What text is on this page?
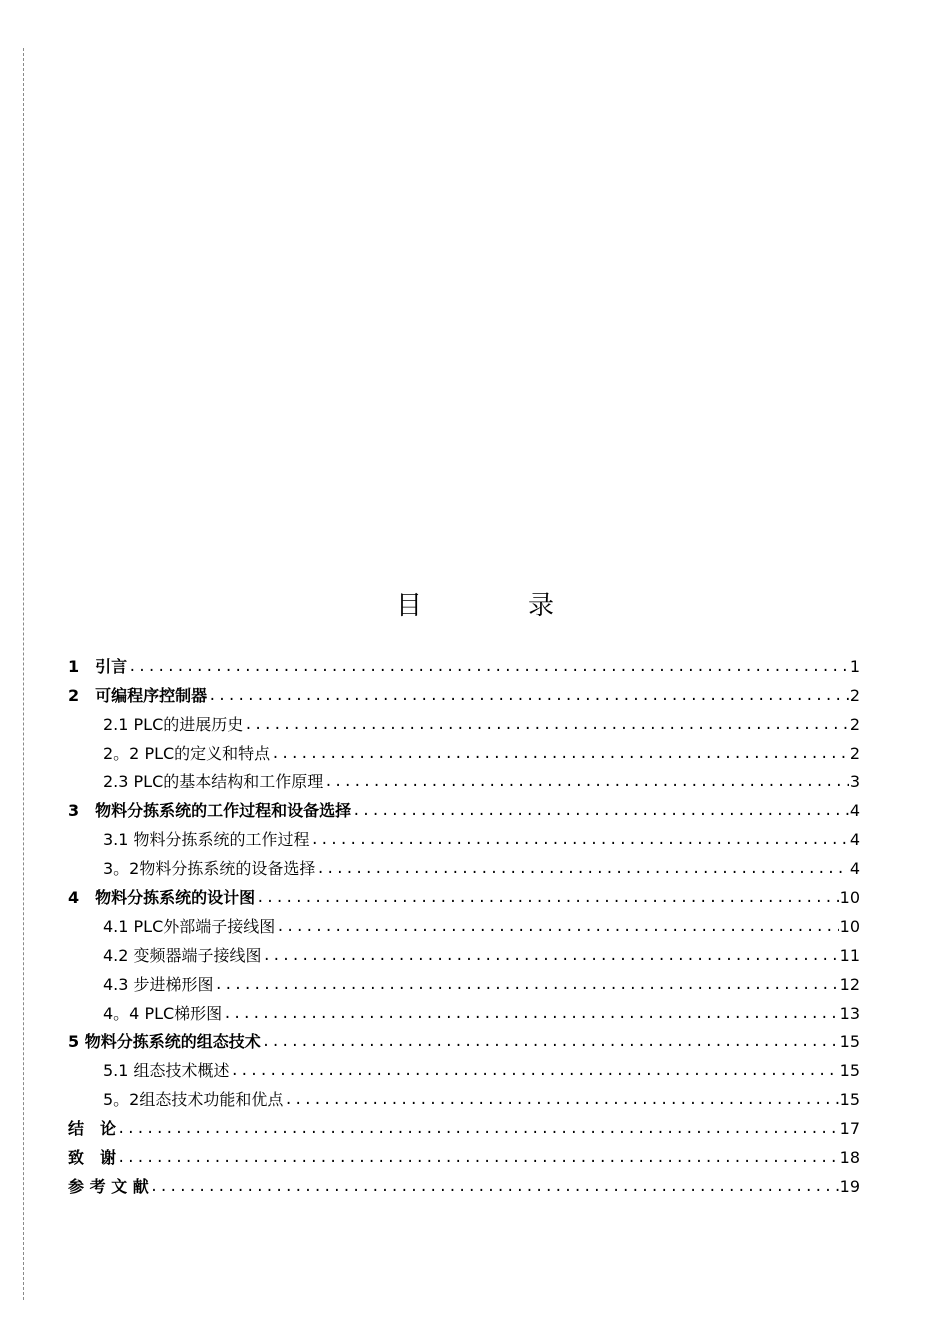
目　录
1　引言 .....	1
2　可编程序控制器 .....	2
2.1 PLC的进展历史 .....	2
2。2 PLC的定义和特点 .....	2
2.3 PLC的基本结构和工作原理 .....	3
3　物料分拣系统的工作过程和设备选择 .....	4
3.1 物料分拣系统的工作过程 .....	4
3。2物料分拣系统的设备选择 .....	4
4　物料分拣系统的设计图 .....	10
4.1 PLC外部端子接线图 .....	10
4.2 变频器端子接线图 .....	11
4.3 步进梯形图 .....	12
4。4 PLC梯形图 .....	13
5 物料分拣系统的组态技术 .....	15
5.1 组态技术概述 .....	15
5。2组态技术功能和优点 .....	15
结　论 .....	17
致　谢 .....	18
参 考 文 献 .....	19
